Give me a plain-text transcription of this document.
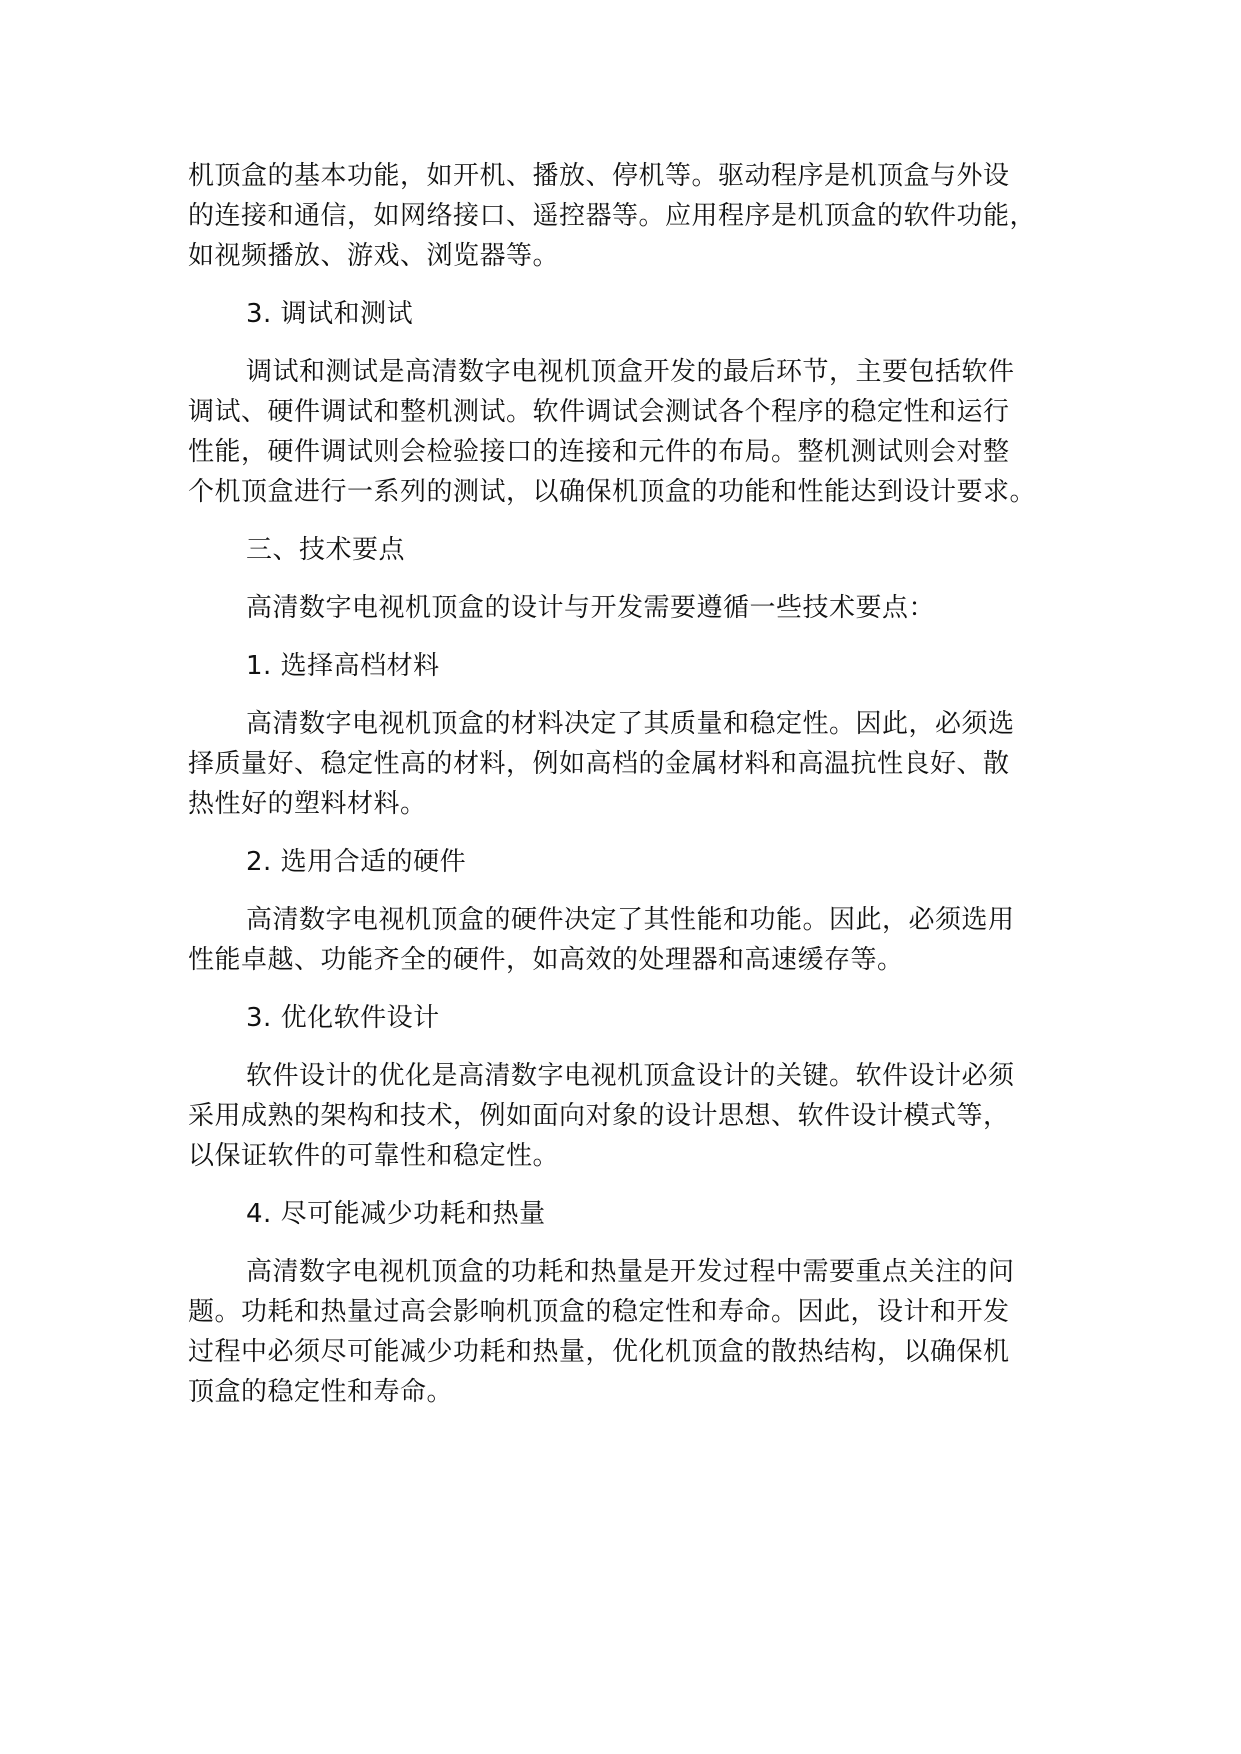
机顶盒的基本功能，如开机、播放、停机等。驱动程序是机顶盒与外设
的连接和通信，如网络接口、遥控器等。应用程序是机顶盒的软件功能，
如视频播放、游戏、浏览器等。
3. 调试和测试
调试和测试是高清数字电视机顶盒开发的最后环节，主要包括软件
调试、硬件调试和整机测试。软件调试会测试各个程序的稳定性和运行
性能，硬件调试则会检验接口的连接和元件的布局。整机测试则会对整
个机顶盒进行一系列的测试，以确保机顶盒的功能和性能达到设计要求。
三、技术要点
高清数字电视机顶盒的设计与开发需要遵循一些技术要点：
1. 选择高档材料
高清数字电视机顶盒的材料决定了其质量和稳定性。因此，必须选
择质量好、稳定性高的材料，例如高档的金属材料和高温抗性良好、散
热性好的塑料材料。
2. 选用合适的硬件
高清数字电视机顶盒的硬件决定了其性能和功能。因此，必须选用
性能卓越、功能齐全的硬件，如高效的处理器和高速缓存等。
3. 优化软件设计
软件设计的优化是高清数字电视机顶盒设计的关键。软件设计必须
采用成熟的架构和技术，例如面向对象的设计思想、软件设计模式等，
以保证软件的可靠性和稳定性。
4. 尽可能减少功耗和热量
高清数字电视机顶盒的功耗和热量是开发过程中需要重点关注的问
题。功耗和热量过高会影响机顶盒的稳定性和寿命。因此，设计和开发
过程中必须尽可能减少功耗和热量，优化机顶盒的散热结构，以确保机
顶盒的稳定性和寿命。
